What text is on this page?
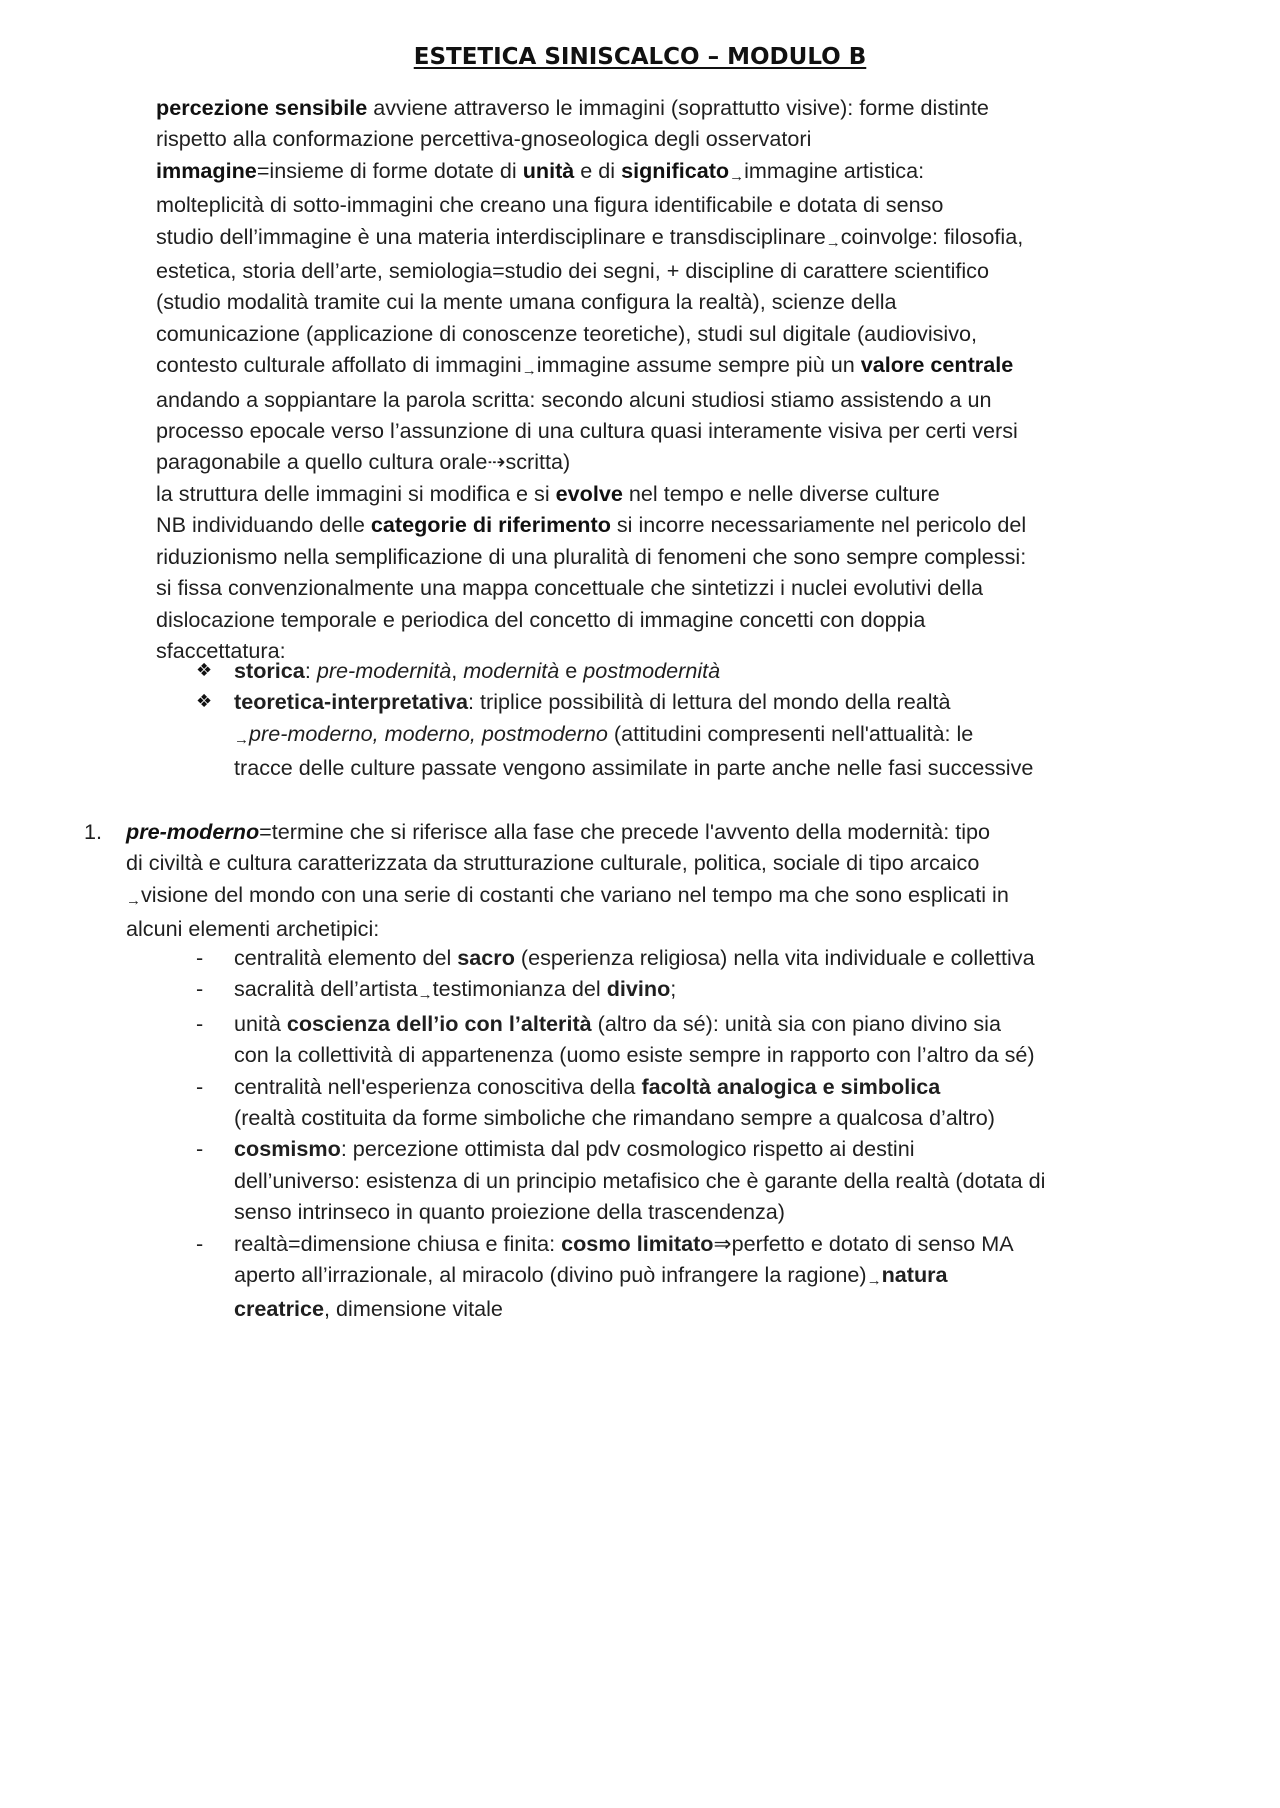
ESTETICA SINISCALCO – MODULO B

percezione sensibile avviene attraverso le immagini (soprattutto visive): forme distinte

rispetto alla conformazione percettiva-gnoseologica degli osservatori

immagine=insieme di forme dotate di unità e di significato→immagine artistica:

molteplicità di sotto-immagini che creano una figura identificabile e dotata di senso

studio dell’immagine è una materia interdisciplinare e transdisciplinare→coinvolge: filosofia,

estetica, storia dell’arte, semiologia=studio dei segni, + discipline di carattere scientifico

(studio modalità tramite cui la mente umana configura la realtà), scienze della

comunicazione (applicazione di conoscenze teoretiche), studi sul digitale (audiovisivo,

contesto culturale affollato di immagini→immagine assume sempre più un valore centrale

andando a soppiantare la parola scritta: secondo alcuni studiosi stiamo assistendo a un

processo epocale verso l’assunzione di una cultura quasi interamente visiva per certi versi

paragonabile a quello cultura orale⇢scritta)

la struttura delle immagini si modifica e si evolve nel tempo e nelle diverse culture

NB individuando delle categorie di riferimento si incorre necessariamente nel pericolo del

riduzionismo nella semplificazione di una pluralità di fenomeni che sono sempre complessi:

si fissa convenzionalmente una mappa concettuale che sintetizzi i nuclei evolutivi della

dislocazione temporale e periodica del concetto di immagine concetti con doppia

sfaccettatura:

❖ storica: pre-modernità, modernità e postmodernità
❖ teoretica-interpretativa: triplice possibilità di lettura del mondo della realtà
→pre-moderno, moderno, postmoderno (attitudini compresenti nell'attualità: le
tracce delle culture passate vengono assimilate in parte anche nelle fasi successive
1. pre-moderno=termine che si riferisce alla fase che precede l'avvento della modernità: tipo

di civiltà e cultura caratterizzata da strutturazione culturale, politica, sociale di tipo arcaico

→visione del mondo con una serie di costanti che variano nel tempo ma che sono esplicati in

alcuni elementi archetipici:

- centralità elemento del sacro (esperienza religiosa) nella vita individuale e collettiva
- sacralità dell’artista→testimonianza del divino;
- unità coscienza dell’io con l’alterità (altro da sé): unità sia con piano divino sia
con la collettività di appartenenza (uomo esiste sempre in rapporto con l’altro da sé)
- centralità nell'esperienza conoscitiva della facoltà analogica e simbolica
(realtà costituita da forme simboliche che rimandano sempre a qualcosa d’altro)
- cosmismo: percezione ottimista dal pdv cosmologico rispetto ai destini
dell’universo: esistenza di un principio metafisico che è garante della realtà (dotata di
senso intrinseco in quanto proiezione della trascendenza)
- realtà=dimensione chiusa e finita: cosmo limitato⇒perfetto e dotato di senso MA
aperto all’irrazionale, al miracolo (divino può infrangere la ragione)→natura
creatrice, dimensione vitale
